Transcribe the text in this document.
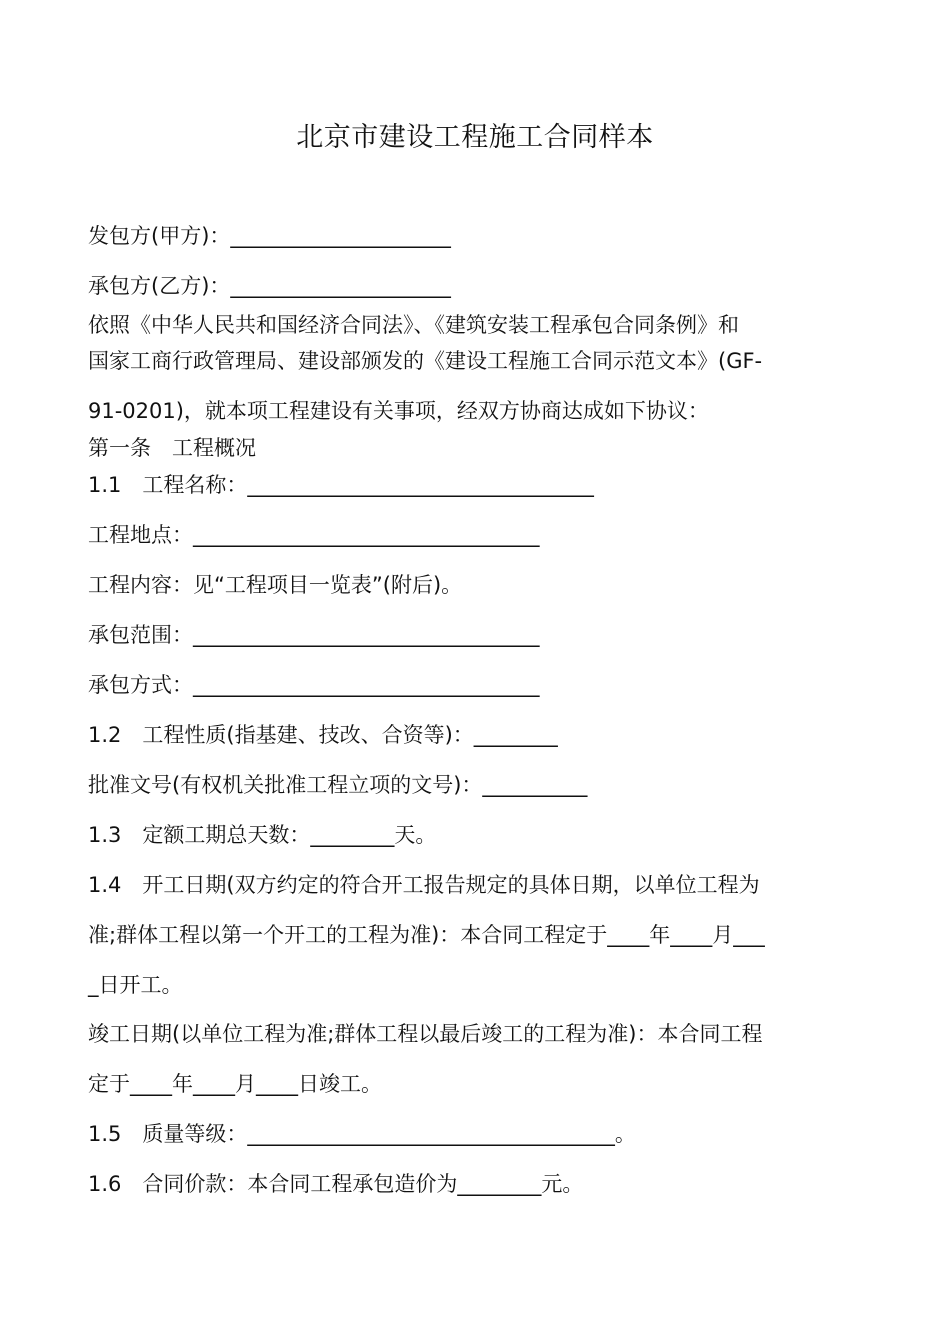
北京市建设工程施工合同样本
发包方(甲方)：_____________________
承包方(乙方)：_____________________
依照《中华人民共和国经济合同法》、《建筑安装工程承包合同条例》和
国家工商行政管理局、建设部颁发的《建设工程施工合同示范文本》(GF-
91-0201)，就本项工程建设有关事项，经双方协商达成如下协议：
第一条　工程概况
1.1　工程名称：_________________________________
工程地点：_________________________________
工程内容：见“工程项目一览表”(附后)。
承包范围：_________________________________
承包方式：_________________________________
1.2　工程性质(指基建、技改、合资等)：________
批准文号(有权机关批准工程立项的文号)：__________
1.3　定额工期总天数：________天。
1.4　开工日期(双方约定的符合开工报告规定的具体日期，以单位工程为
准;群体工程以第一个开工的工程为准)：本合同工程定于____年____月___
_日开工。
竣工日期(以单位工程为准;群体工程以最后竣工的工程为准)：本合同工程
定于____年____月____日竣工。
1.5　质量等级：___________________________________。
1.6　合同价款：本合同工程承包造价为________元。
